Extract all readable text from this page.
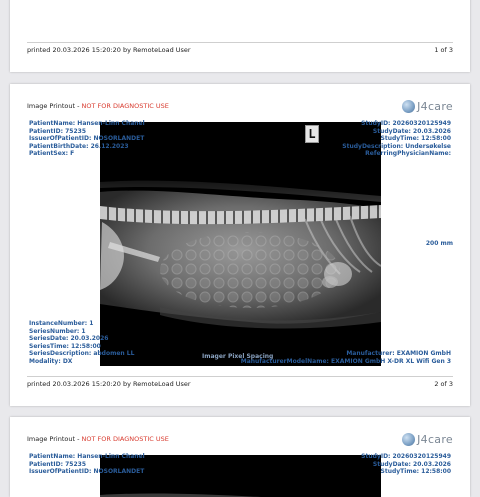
printed 20.03.2026 15:20:20 by RemoteLoad User	1 of 3
Image Printout - NOT FOR DIAGNOSTIC USE	J4care
L
PatientName: Hansen-Linn Chanel
PatientID: 75235
IssuerOfPatientID: NOSORLANDET
PatientBirthDate: 26.12.2023
PatientSex: F
StudyID: 20260320125949
StudyDate: 20.03.2026
StudyTime: 12:58:00
StudyDescription: Undersøkelse
ReferringPhysicianName:
200 mm
InstanceNumber: 1
SeriesNumber: 1
SeriesDate: 20.03.2026
SeriesTime: 12:58:00
SeriesDescription: abdomen LL
Modality: DX
Imager Pixel Spacing	Manufacturer: EXAMION GmbH
ManufacturerModelName: EXAMION GmbH X-DR XL Wifi Gen 3
printed 20.03.2026 15:20:20 by RemoteLoad User	2 of 3
Image Printout - NOT FOR DIAGNOSTIC USE	J4care
PatientName: Hansen-Linn Chanel
PatientID: 75235
IssuerOfPatientID: NOSORLANDET
StudyID: 20260320125949
StudyDate: 20.03.2026
StudyTime: 12:58:00
